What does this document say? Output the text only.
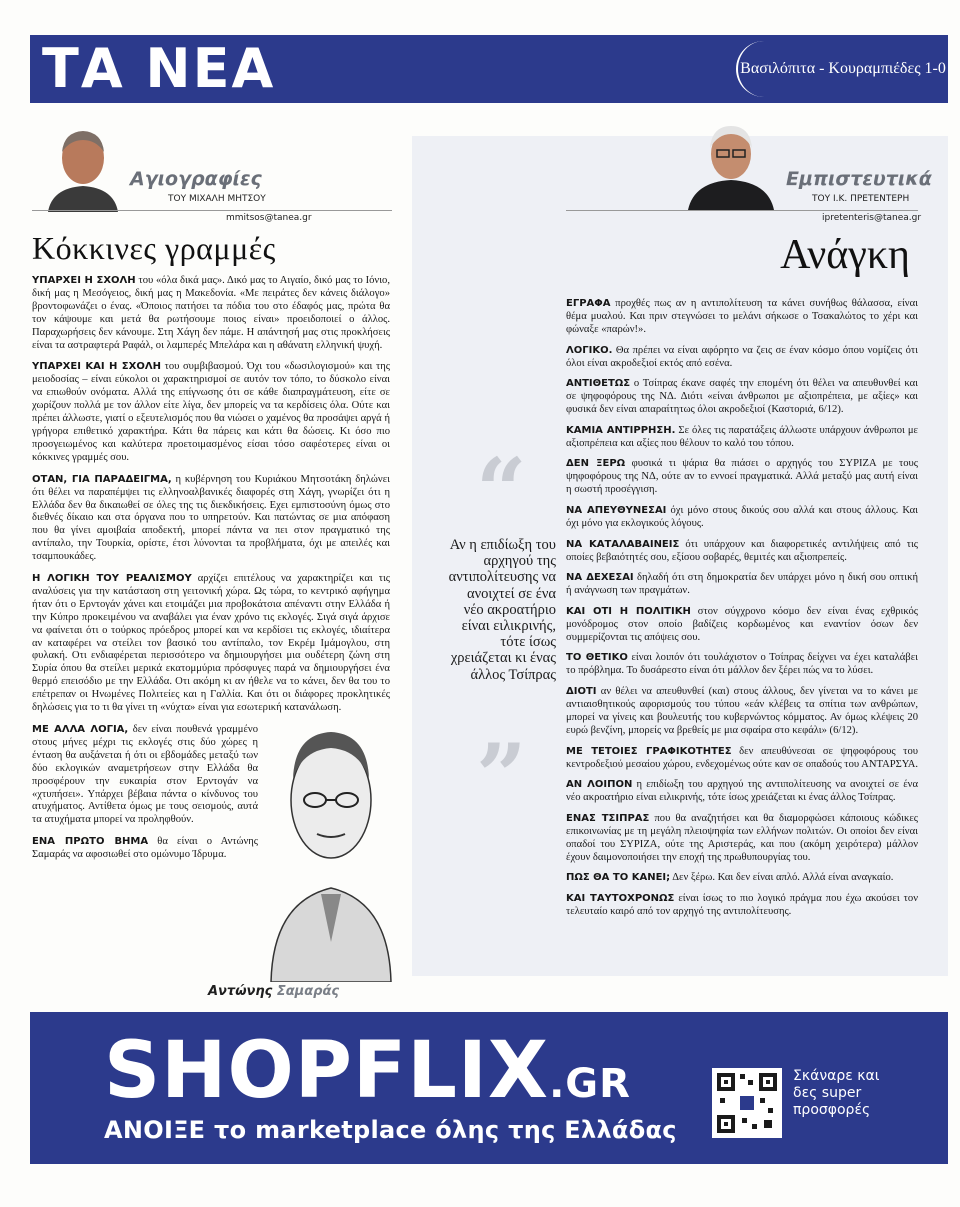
ΤΑ ΝΕΑ	Βασιλόπιτα - Κουραμπιέδες 1-0
Αγιογραφίες
ΤΟΥ ΜΙΧΑΛΗ ΜΗΤΣΟΥ
mmitsos@tanea.gr
Κόκκινες γραμμές

ΥΠΑΡΧΕΙ Η ΣΧΟΛΗ του «όλα δικά μας». Δικό μας το Αιγαίο, δικό μας το Ιόνιο, δική μας η Μεσόγειος, δική μας η Μακεδονία. «Με πειράτες δεν κάνεις διάλογο» βροντοφωνάζει ο ένας. «Όποιος πατήσει τα πόδια του στο έδαφός μας, πρώτα θα τον κάψουμε και μετά θα ρωτήσουμε ποιος είναι» προειδοποιεί ο άλλος. Παραχωρήσεις δεν κάνουμε. Στη Χάγη δεν πάμε. Η απάντησή μας στις προκλήσεις είναι τα αστραφτερά Ραφάλ, οι λαμπερές Μπελάρα και η αθάνατη ελληνική ψυχή.

ΥΠΑΡΧΕΙ ΚΑΙ Η ΣΧΟΛΗ του συμβιβασμού. Όχι του «δωσιλογισμού» και της μειοδοσίας – είναι εύκολοι οι χαρακτηρισμοί σε αυτόν τον τόπο, το δύσκολο είναι να επιωθούν ονόματα. Αλλά της επίγνωσης ότι σε κάθε διαπραγμάτευση, είτε σε χωρίζουν πολλά με τον άλλον είτε λίγα, δεν μπορείς να τα κερδίσεις όλα. Ούτε και πρέπει άλλωστε, γιατί ο εξευτελισμός που θα νιώσει ο χαμένος θα προσάψει αργά ή γρήγορα επιθετικό χαρακτήρα. Κάτι θα πάρεις και κάτι θα δώσεις. Κι όσο πιο προσγειωμένος και καλύτερα προετοιμασμένος είσαι τόσο σαφέστερες είναι οι κόκκινες γραμμές σου.

ΟΤΑΝ, ΓΙΑ ΠΑΡΑΔΕΙΓΜΑ, η κυβέρνηση του Κυριάκου Μητσοτάκη δηλώνει ότι θέλει να παραπέμψει τις ελληνοαλβανικές διαφορές στη Χάγη, γνωρίζει ότι η Ελλάδα δεν θα δικαιωθεί σε όλες της τις διεκδικήσεις. Εχει εμπιστοσύνη όμως στο διεθνές δίκαιο και στα όργανα που το υπηρετούν. Και πατώντας σε μια απόφαση που θα γίνει αμοιβαία αποδεκτή, μπορεί πάντα να πει στον πραγματικό της αντίπαλο, την Τουρκία, ορίστε, έτσι λύνονται τα προβλήματα, όχι με απειλές και τσαμπουκάδες.

Η ΛΟΓΙΚΗ ΤΟΥ ΡΕΑΛΙΣΜΟΥ αρχίζει επιτέλους να χαρακτηρίζει και τις αναλύσεις για την κατάσταση στη γειτονική χώρα. Ως τώρα, το κεντρικό αφήγημα ήταν ότι ο Ερντογάν χάνει και ετοιμάζει μια προβοκάτσια απέναντι στην Ελλάδα ή την Κύπρο προκειμένου να αναβάλει για έναν χρόνο τις εκλογές. Σιγά σιγά άρχισε να φαίνεται ότι ο τούρκος πρόεδρος μπορεί και να κερδίσει τις εκλογές, ιδιαίτερα αν καταφέρει να στείλει τον βασικό του αντίπαλο, τον Εκρέμ Ιμάμογλου, στη φυλακή. Οτι ενδιαφέρεται περισσότερο να δημιουργήσει μια ουδέτερη ζώνη στη Συρία όπου θα στείλει μερικά εκατομμύρια πρόσφυγες παρά να δημιουργήσει ένα θερμό επεισόδιο με την Ελλάδα. Οτι ακόμη κι αν ήθελε να το κάνει, δεν θα του το επέτρεπαν οι Ηνωμένες Πολιτείες και η Γαλλία. Και ότι οι διάφορες προκλητικές δηλώσεις για το τι θα γίνει τη «νύχτα» είναι για εσωτερική κατανάλωση.

ΜΕ ΑΛΛΑ ΛΟΓΙΑ, δεν είναι πουθενά γραμμένο στους μήνες μέχρι τις εκλογές στις δύο χώρες η ένταση θα αυξάνεται ή ότι οι εβδομάδες μεταξύ των δύο εκλογικών αναμετρήσεων στην Ελλάδα θα προσφέρουν την ευκαιρία στον Ερντογάν να «χτυπήσει». Υπάρχει βέβαια πάντα ο κίνδυνος του ατυχήματος. Αντίθετα όμως με τους σεισμούς, αυτά τα ατυχήματα μπορεί να προληφθούν.

ΕΝΑ ΠΡΩΤΟ ΒΗΜΑ θα είναι ο Αντώνης Σαμαράς να αφοσιωθεί στο ομώνυμο Ίδρυμα.

Αντώνης Σαμαράς
Εμπιστευτικά
ΤΟΥ Ι.Κ. ΠΡΕΤΕΝΤΕΡΗ
ipretenteris@tanea.gr
Ανάγκη
“
Αν η επιδίωξη του αρχηγού της αντιπολίτευσης να ανοιχτεί σε ένα νέο ακροατήριο είναι ειλικρινής, τότε ίσως χρειάζεται κι ένας άλλος Τσίπρας
”

ΕΓΡΑΦΑ προχθές πως αν η αντιπολίτευση τα κάνει συνήθως θάλασσα, είναι θέμα μυαλού. Και πριν στεγνώσει το μελάνι σήκωσε ο Τσακαλώτος το χέρι και φώναξε «παρών!».

ΛΟΓΙΚΟ. Θα πρέπει να είναι αφόρητο να ζεις σε έναν κόσμο όπου νομίζεις ότι όλοι είναι ακροδεξιοί εκτός από εσένα.

ΑΝΤΙΘΕΤΩΣ ο Τσίπρας έκανε σαφές την επομένη ότι θέλει να απευθυνθεί και σε ψηφοφόρους της ΝΔ. Διότι «είναι άνθρωποι με αξιοπρέπεια, με αξίες» και φυσικά δεν είναι απαραίτητως όλοι ακροδεξιοί (Καστοριά, 6/12).

ΚΑΜΙΑ ΑΝΤΙΡΡΗΣΗ. Σε όλες τις παρατάξεις άλλωστε υπάρχουν άνθρωποι με αξιοπρέπεια και αξίες που θέλουν το καλό του τόπου.

ΔΕΝ ΞΕΡΩ φυσικά τι ψάρια θα πιάσει ο αρχηγός του ΣΥΡΙΖΑ με τους ψηφοφόρους της ΝΔ, ούτε αν το εννοεί πραγματικά. Αλλά μεταξύ μας αυτή είναι η σωστή προσέγγιση.

ΝΑ ΑΠΕΥΘΥΝΕΣΑΙ όχι μόνο στους δικούς σου αλλά και στους άλλους. Και όχι μόνο για εκλογικούς λόγους.

ΝΑ ΚΑΤΑΛΑΒΑΙΝΕΙΣ ότι υπάρχουν και διαφορετικές αντιλήψεις από τις οποίες βεβαιότητές σου, εξίσου σοβαρές, θεμιτές και αξιοπρεπείς.

ΝΑ ΔΕΧΕΣΑΙ δηλαδή ότι στη δημοκρατία δεν υπάρχει μόνο η δική σου οπτική ή ανάγνωση των πραγμάτων.

ΚΑΙ ΟΤΙ Η ΠΟΛΙΤΙΚΗ στον σύγχρονο κόσμο δεν είναι ένας εχθρικός μονόδρομος στον οποίο βαδίζεις κορδωμένος και εναντίον όσων δεν συμμερίζονται τις απόψεις σου.

ΤΟ ΘΕΤΙΚΟ είναι λοιπόν ότι τουλάχιστον ο Τσίπρας δείχνει να έχει καταλάβει το πρόβλημα. Το δυσάρεστο είναι ότι μάλλον δεν ξέρει πώς να το λύσει.

ΔΙΟΤΙ αν θέλει να απευθυνθεί (και) στους άλλους, δεν γίνεται να το κάνει με αντιαισθητικούς αφορισμούς του τύπου «εάν κλέβεις τα σπίτια των ανθρώπων, μπορεί να γίνεις και βουλευτής του κυβερνώντος κόμματος. Αν όμως κλέψεις 20 ευρώ βενζίνη, μπορείς να βρεθείς με μια σφαίρα στο κεφάλι» (6/12).

ΜΕ ΤΕΤΟΙΕΣ ΓΡΑΦΙΚΟΤΗΤΕΣ δεν απευθύνεσαι σε ψηφοφόρους του κεντροδεξιού μεσαίου χώρου, ενδεχομένως ούτε καν σε οπαδούς του ΑΝΤΑΡΣΥΑ.

ΑΝ ΛΟΙΠΟΝ η επιδίωξη του αρχηγού της αντιπολίτευσης να ανοιχτεί σε ένα νέο ακροατήριο είναι ειλικρινής, τότε ίσως χρειάζεται κι ένας άλλος Τσίπρας.

ΕΝΑΣ ΤΣΙΠΡΑΣ που θα αναζητήσει και θα διαμορφώσει κάποιους κώδικες επικοινωνίας με τη μεγάλη πλειοψηφία των ελλήνων πολιτών. Οι οποίοι δεν είναι οπαδοί του ΣΥΡΙΖΑ, ούτε της Αριστεράς, και που (ακόμη χειρότερα) μάλλον έχουν δαιμονοποιήσει την εποχή της πρωθυπουργίας του.

ΠΩΣ ΘΑ ΤΟ ΚΑΝΕΙ; Δεν ξέρω. Και δεν είναι απλό. Αλλά είναι αναγκαίο.

ΚΑΙ ΤΑΥΤΟΧΡΟΝΩΣ είναι ίσως το πιο λογικό πράγμα που έχω ακούσει τον τελευταίο καιρό από τον αρχηγό της αντιπολίτευσης.

SHOPFLIX.GR
ΑΝΟΙΞΕ το marketplace όλης της Ελλάδας
Σκάναρε και δες super προσφορές
